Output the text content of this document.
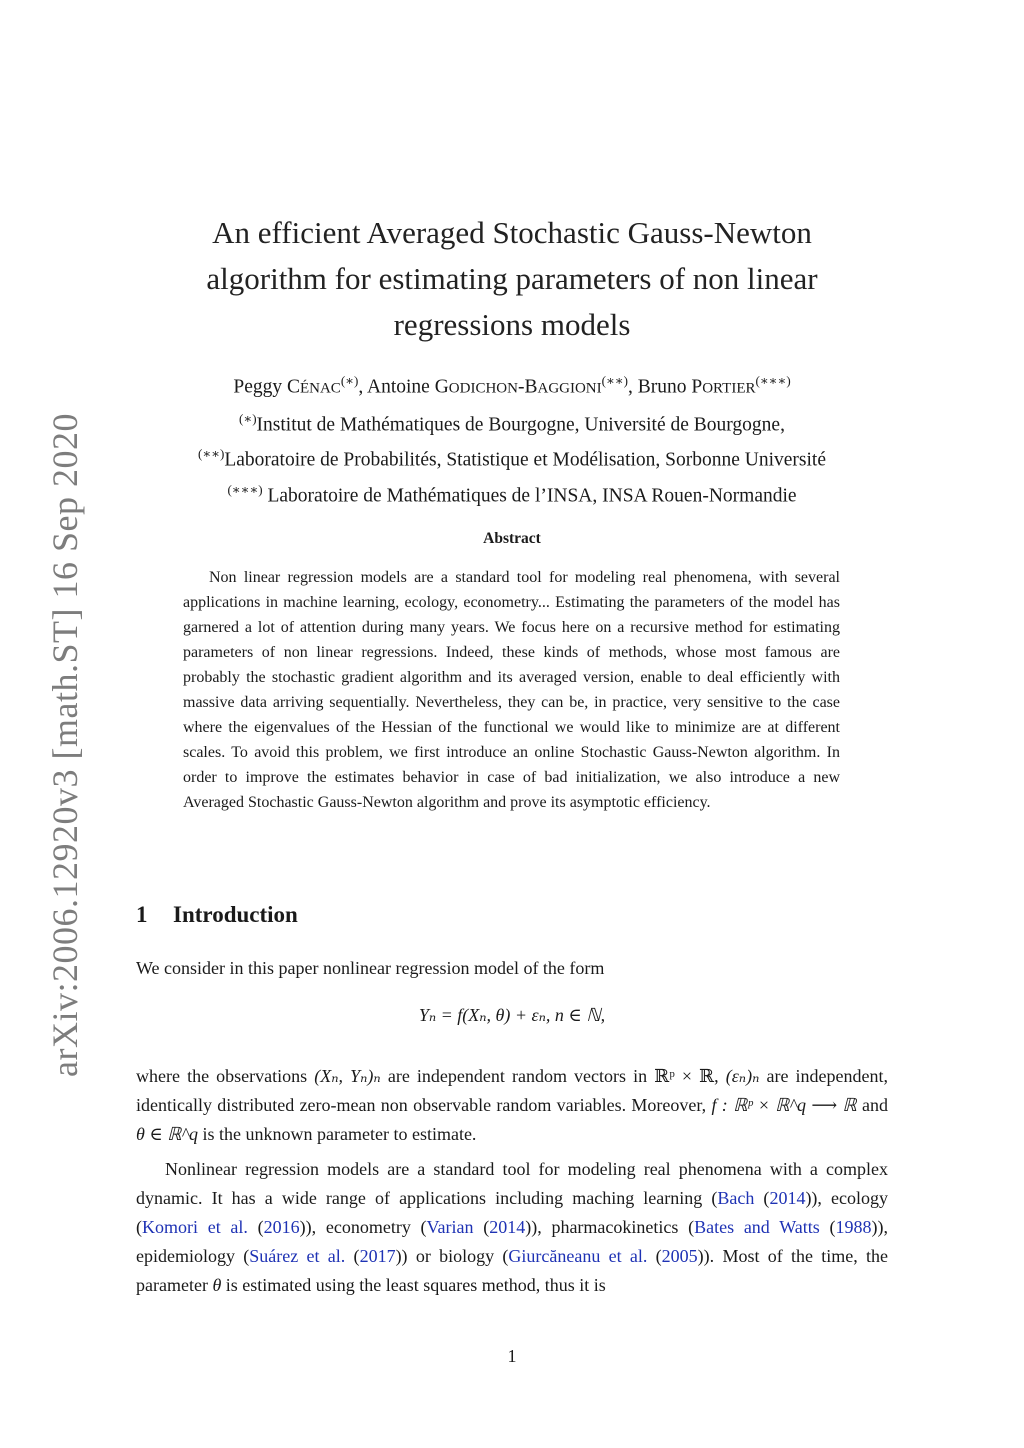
arXiv:2006.12920v3 [math.ST] 16 Sep 2020
An efficient Averaged Stochastic Gauss-Newton
algorithm for estimating parameters of non linear
regressions models
Peggy CÉNAC(∗), Antoine GODICHON-BAGGIONI(∗∗), Bruno PORTIER(∗∗∗)
(∗)Institut de Mathématiques de Bourgogne, Université de Bourgogne,
(∗∗)Laboratoire de Probabilités, Statistique et Modélisation, Sorbonne Université
(∗∗∗) Laboratoire de Mathématiques de l’INSA, INSA Rouen-Normandie
Abstract

Non linear regression models are a standard tool for modeling real phenomena, with several applications in machine learning, ecology, econometry... Estimating the parameters of the model has garnered a lot of attention during many years. We focus here on a recursive method for estimating parameters of non linear regressions. Indeed, these kinds of methods, whose most famous are probably the stochastic gradient algorithm and its averaged version, enable to deal efficiently with massive data arriving sequentially. Nevertheless, they can be, in practice, very sensitive to the case where the eigenvalues of the Hessian of the functional we would like to minimize are at different scales. To avoid this problem, we first introduce an online Stochastic Gauss-Newton algorithm. In order to improve the estimates behavior in case of bad initialization, we also introduce a new Averaged Stochastic Gauss-Newton algorithm and prove its asymptotic efficiency.

1 Introduction

We consider in this paper nonlinear regression model of the form

Yₙ = f(Xₙ, θ) + εₙ, n ∈ ℕ,

where the observations (Xₙ, Yₙ)ₙ are independent random vectors in ℝᵖ × ℝ, (εₙ)ₙ are independent, identically distributed zero-mean non observable random variables. Moreover, f : ℝᵖ × ℝ^q ⟶ ℝ and θ ∈ ℝ^q is the unknown parameter to estimate.

Nonlinear regression models are a standard tool for modeling real phenomena with a complex dynamic. It has a wide range of applications including maching learning (Bach (2014)), ecology (Komori et al. (2016)), econometry (Varian (2014)), pharmacokinetics (Bates and Watts (1988)), epidemiology (Suárez et al. (2017)) or biology (Giurcăneanu et al. (2005)). Most of the time, the parameter θ is estimated using the least squares method, thus it is

1
